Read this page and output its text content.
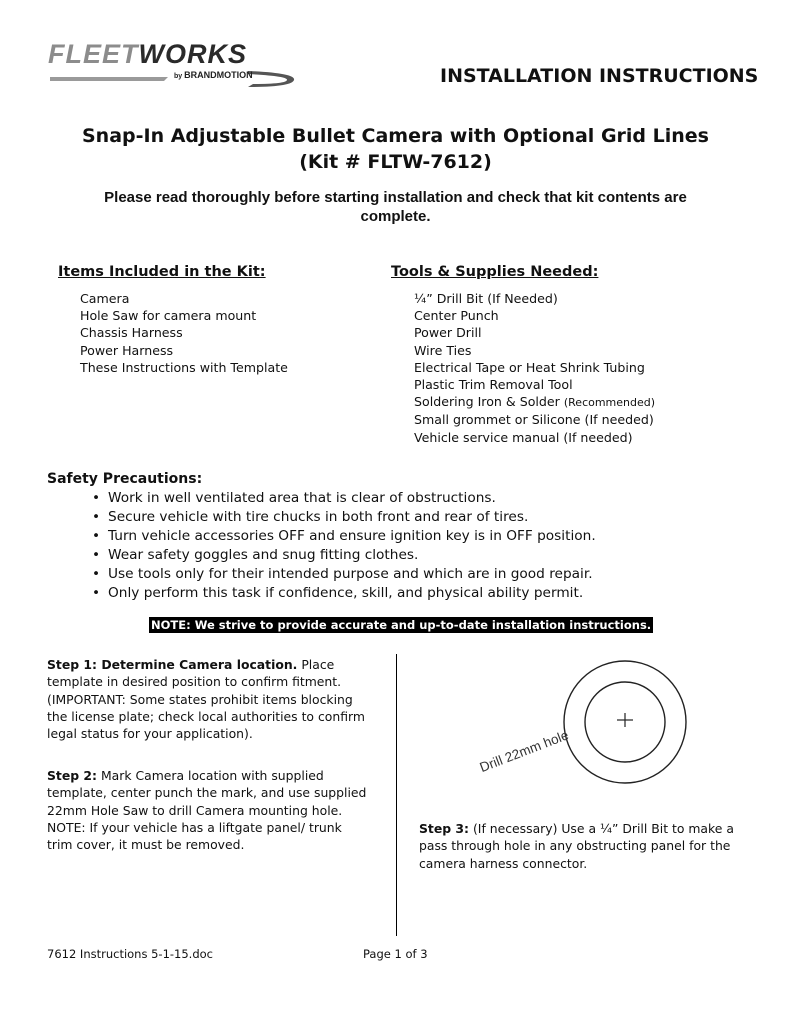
FLEETWORKS
by BRANDMOTION	INSTALLATION INSTRUCTIONS
Snap-In Adjustable Bullet Camera with Optional Grid Lines
(Kit # FLTW-7612)
Please read thoroughly before starting installation and check that kit contents are
complete.
Items Included in the Kit:
Camera
Hole Saw for camera mount
Chassis Harness
Power Harness
These Instructions with Template
Tools & Supplies Needed:
¼” Drill Bit (If Needed)
Center Punch
Power Drill
Wire Ties
Electrical Tape or Heat Shrink Tubing
Plastic Trim Removal Tool
Soldering Iron & Solder (Recommended)
Small grommet or Silicone (If needed)
Vehicle service manual (If needed)
Safety Precautions:
• Work in well ventilated area that is clear of obstructions.
• Secure vehicle with tire chucks in both front and rear of tires.
• Turn vehicle accessories OFF and ensure ignition key is in OFF position.
• Wear safety goggles and snug fitting clothes.
• Use tools only for their intended purpose and which are in good repair.
• Only perform this task if confidence, skill, and physical ability permit.
NOTE: We strive to provide accurate and up-to-date installation instructions.
Step 1: Determine Camera location. Place
template in desired position to confirm fitment.
(IMPORTANT: Some states prohibit items blocking
the license plate; check local authorities to confirm
legal status for your application).
Step 2: Mark Camera location with supplied
template, center punch the mark, and use supplied
22mm Hole Saw to drill Camera mounting hole.
NOTE: If your vehicle has a liftgate panel/ trunk
trim cover, it must be removed.
Drill 22mm hole
Step 3: (If necessary) Use a ¼” Drill Bit to make a
pass through hole in any obstructing panel for the
camera harness connector.
7612 Instructions 5-1-15.doc	Page 1 of 3
